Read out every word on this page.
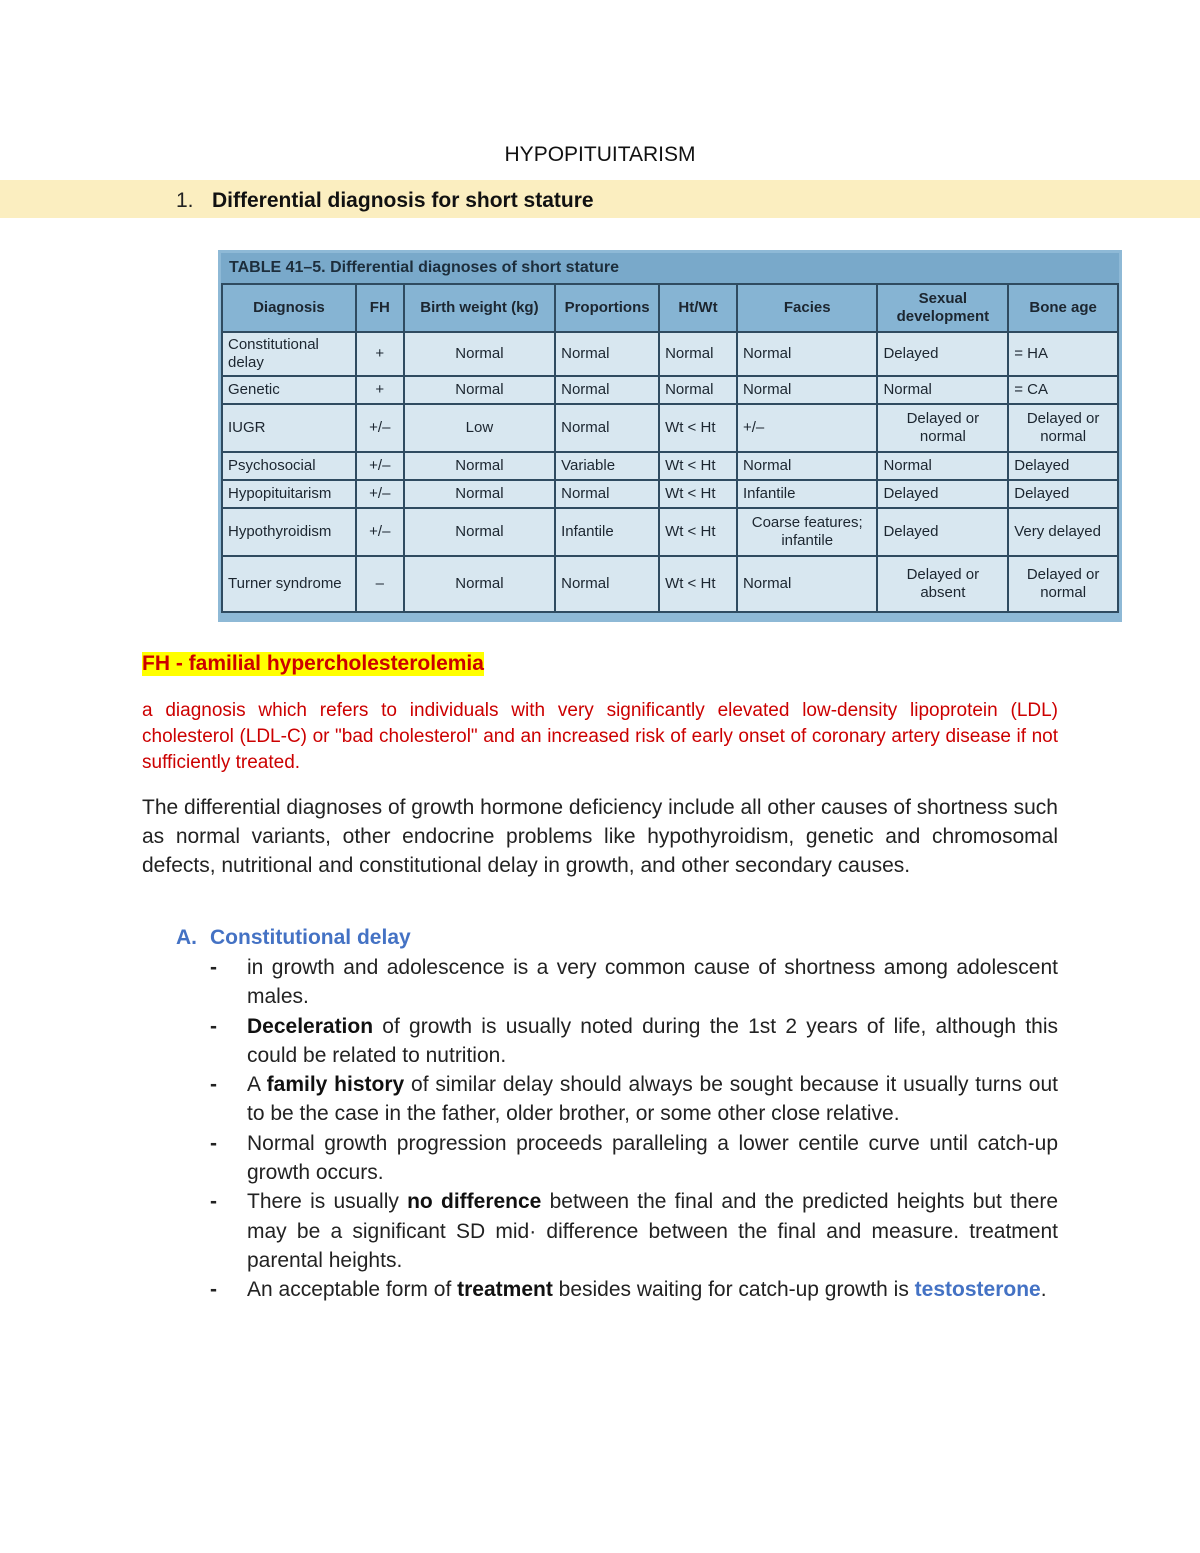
HYPOPITUITARISM
1. Differential diagnosis for short stature
TABLE 41–5. Differential diagnoses of short stature
Diagnosis	FH	Birth weight (kg)	Proportions	Ht/Wt	Facies	Sexual development	Bone age
Constitutional delay	+	Normal	Normal	Normal	Normal	Delayed	= HA
Genetic	+	Normal	Normal	Normal	Normal	Normal	= CA
IUGR	+/–	Low	Normal	Wt < Ht	+/–	Delayed or normal	Delayed or normal
Psychosocial	+/–	Normal	Variable	Wt < Ht	Normal	Normal	Delayed
Hypopituitarism	+/–	Normal	Normal	Wt < Ht	Infantile	Delayed	Delayed
Hypothyroidism	+/–	Normal	Infantile	Wt < Ht	Coarse features; infantile	Delayed	Very delayed
Turner syndrome	–	Normal	Normal	Wt < Ht	Normal	Delayed or absent	Delayed or normal
FH - familial hypercholesterolemia
a diagnosis which refers to individuals with very significantly elevated low-density lipoprotein (LDL) cholesterol (LDL-C) or "bad cholesterol" and an increased risk of early onset of coronary artery disease if not sufficiently treated.
The differential diagnoses of growth hormone deficiency include all other causes of shortness such as normal variants, other endocrine problems like hypothyroidism, genetic and chromosomal defects, nutritional and constitutional delay in growth, and other secondary causes.
A. Constitutional delay
- in growth and adolescence is a very common cause of shortness among adolescent males.
- Deceleration of growth is usually noted during the 1st 2 years of life, although this could be related to nutrition.
- A family history of similar delay should always be sought because it usually turns out to be the case in the father, older brother, or some other close relative.
- Normal growth progression proceeds paralleling a lower centile curve until catch-up growth occurs.
- There is usually no difference between the final and the predicted heights but there may be a significant SD mid· difference between the final and measure. treatment parental heights.
- An acceptable form of treatment besides waiting for catch-up growth is testosterone.
